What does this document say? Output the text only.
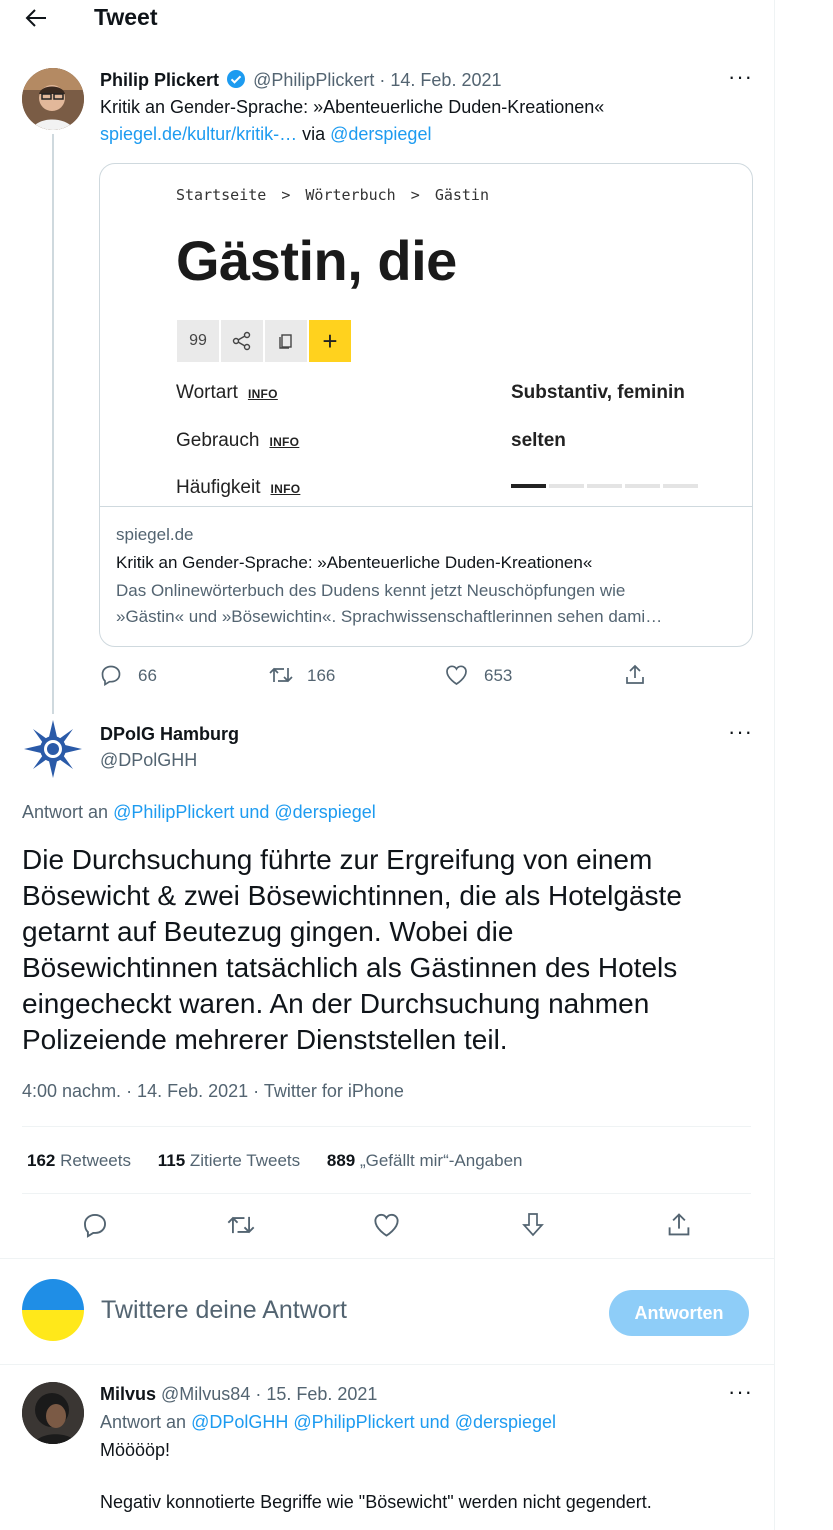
Tweet
Philip Plickert @PhilipPlickert · 14. Feb. 2021	···
Kritik an Gender-Sprache: »Abenteuerliche Duden-Kreationen«
spiegel.de/kultur/kritik-… via @derspiegel
Startseite > Wörterbuch > Gästin
Gästin, die
99	+
Wortart INFO	Substantiv, feminin
Gebrauch INFO	selten
Häufigkeit INFO
spiegel.de
Kritik an Gender-Sprache: »Abenteuerliche Duden-Kreationen«
Das Onlinewörterbuch des Dudens kennt jetzt Neuschöpfungen wie
»Gästin« und »Bösewichtin«. Sprachwissenschaftlerinnen sehen dami…
66	166	653
DPolG Hamburg
@DPolGHH
···
Antwort an @PhilipPlickert und @derspiegel
Die Durchsuchung führte zur Ergreifung von einem
Bösewicht & zwei Bösewichtinnen, die als Hotelgäste
getarnt auf Beutezug gingen. Wobei die
Bösewichtinnen tatsächlich als Gästinnen des Hotels
eingecheckt waren. An der Durchsuchung nahmen
Polizeiende mehrerer Dienststellen teil.
4:00 nachm. · 14. Feb. 2021 · Twitter for iPhone
162 Retweets 115 Zitierte Tweets 889 „Gefällt mir“-Angaben
Twittere deine Antwort	Antworten
Milvus @Milvus84 · 15. Feb. 2021	···
Antwort an @DPolGHH @PhilipPlickert und @derspiegel
Mööööp!
Negativ konnotierte Begriffe wie "Bösewicht" werden nicht gegendert.
